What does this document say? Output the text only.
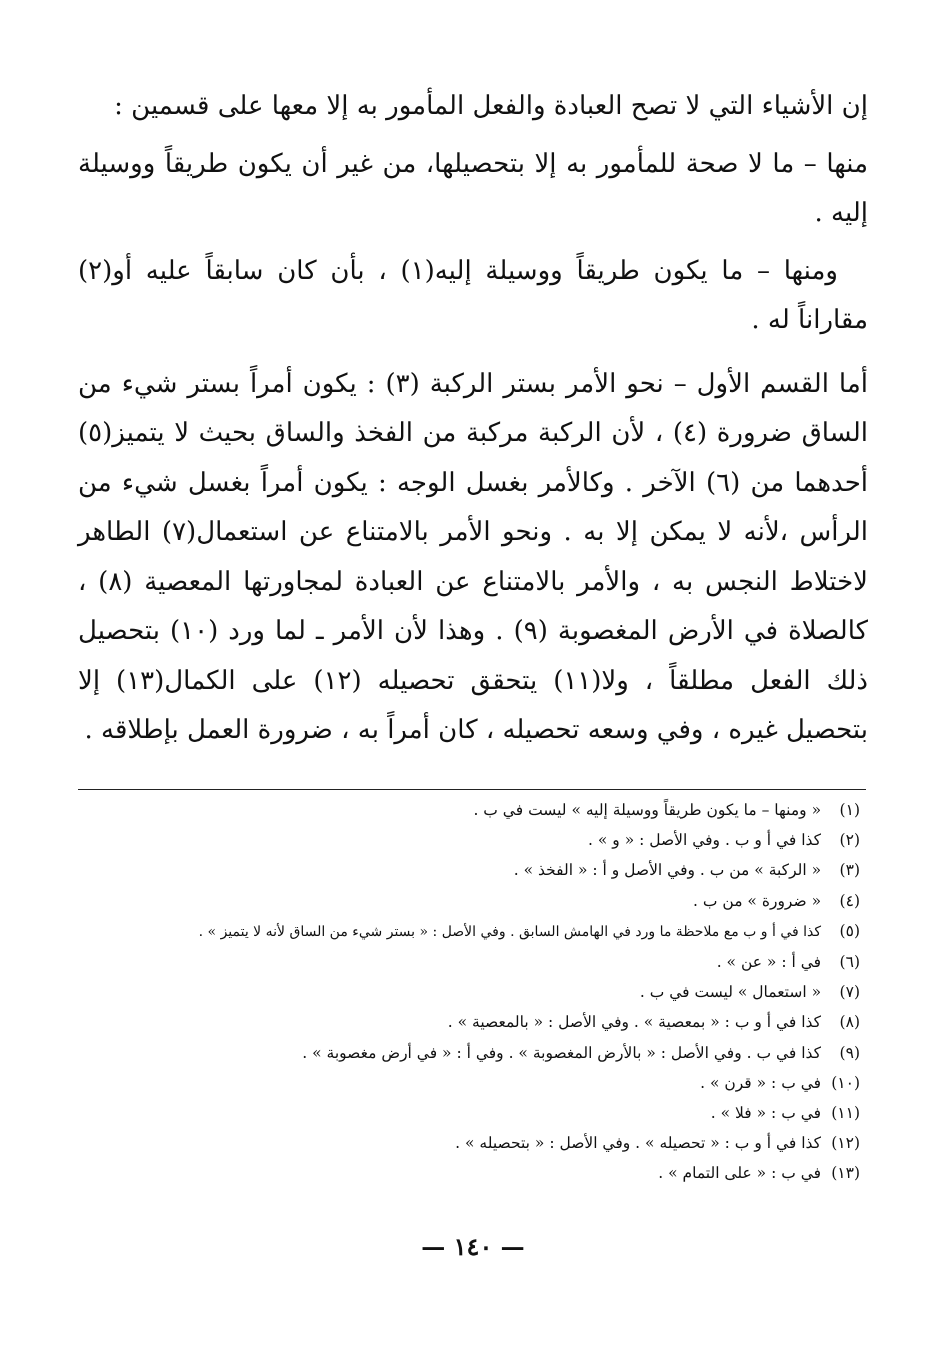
إن الأشياء التي لا تصح العبادة والفعل المأمور به إلا معها على قسمين :

منها – ما لا صحة للمأمور به إلا بتحصيلها، من غير أن يكون طريقاً ووسيلة إليه .

ومنها – ما يكون طريقاً ووسيلة إليه(١) ، بأن كان سابقاً عليه أو(٢) مقاراناً له .

أما القسم الأول – نحو الأمر بستر الركبة (٣) : يكون أمراً بستر شيء من الساق ضرورة (٤) ، لأن الركبة مركبة من الفخذ والساق بحيث لا يتميز(٥) أحدهما من (٦) الآخر . وكالأمر بغسل الوجه : يكون أمراً بغسل شيء من الرأس ،لأنه لا يمكن إلا به . ونحو الأمر بالامتناع عن استعمال(٧) الطاهر لاختلاط النجس به ، والأمر بالامتناع عن العبادة لمجاورتها المعصية (٨) ، كالصلاة في الأرض المغصوبة (٩) . وهذا لأن الأمر ـ لما ورد (١٠) بتحصيل ذلك الفعل مطلقاً ، ولا(١١) يتحقق تحصيله (١٢) على الكمال(١٣) إلا بتحصيل غيره ، وفي وسعه تحصيله ، كان أمراً به ، ضرورة العمل بإطلاقه .

(١) « ومنها – ما يكون طريقاً ووسيلة إليه » ليست في ب .
(٢) كذا في أ و ب . وفي الأصل : « و » .
(٣) « الركبة » من ب . وفي الأصل و أ : « الفخذ » .
(٤) « ضرورة » من ب .
(٥) كذا في أ و ب مع ملاحظة ما ورد في الهامش السابق . وفي الأصل : « بستر شيء من الساق لأنه لا يتميز » .
(٦) في أ : « عن » .
(٧) « استعمال » ليست في ب .
(٨) كذا في أ و ب : « بمعصية » . وفي الأصل : « بالمعصية » .
(٩) كذا في ب . وفي الأصل : « بالأرض المغصوبة » . وفي أ : « في أرض مغصوبة » .
(١٠) في ب : « قرن » .
(١١) في ب : « فلا » .
(١٢) كذا في أ و ب : « تحصيله » . وفي الأصل : « بتحصيله » .
(١٣) في ب : « على التمام » .
— ١٤٠ —
